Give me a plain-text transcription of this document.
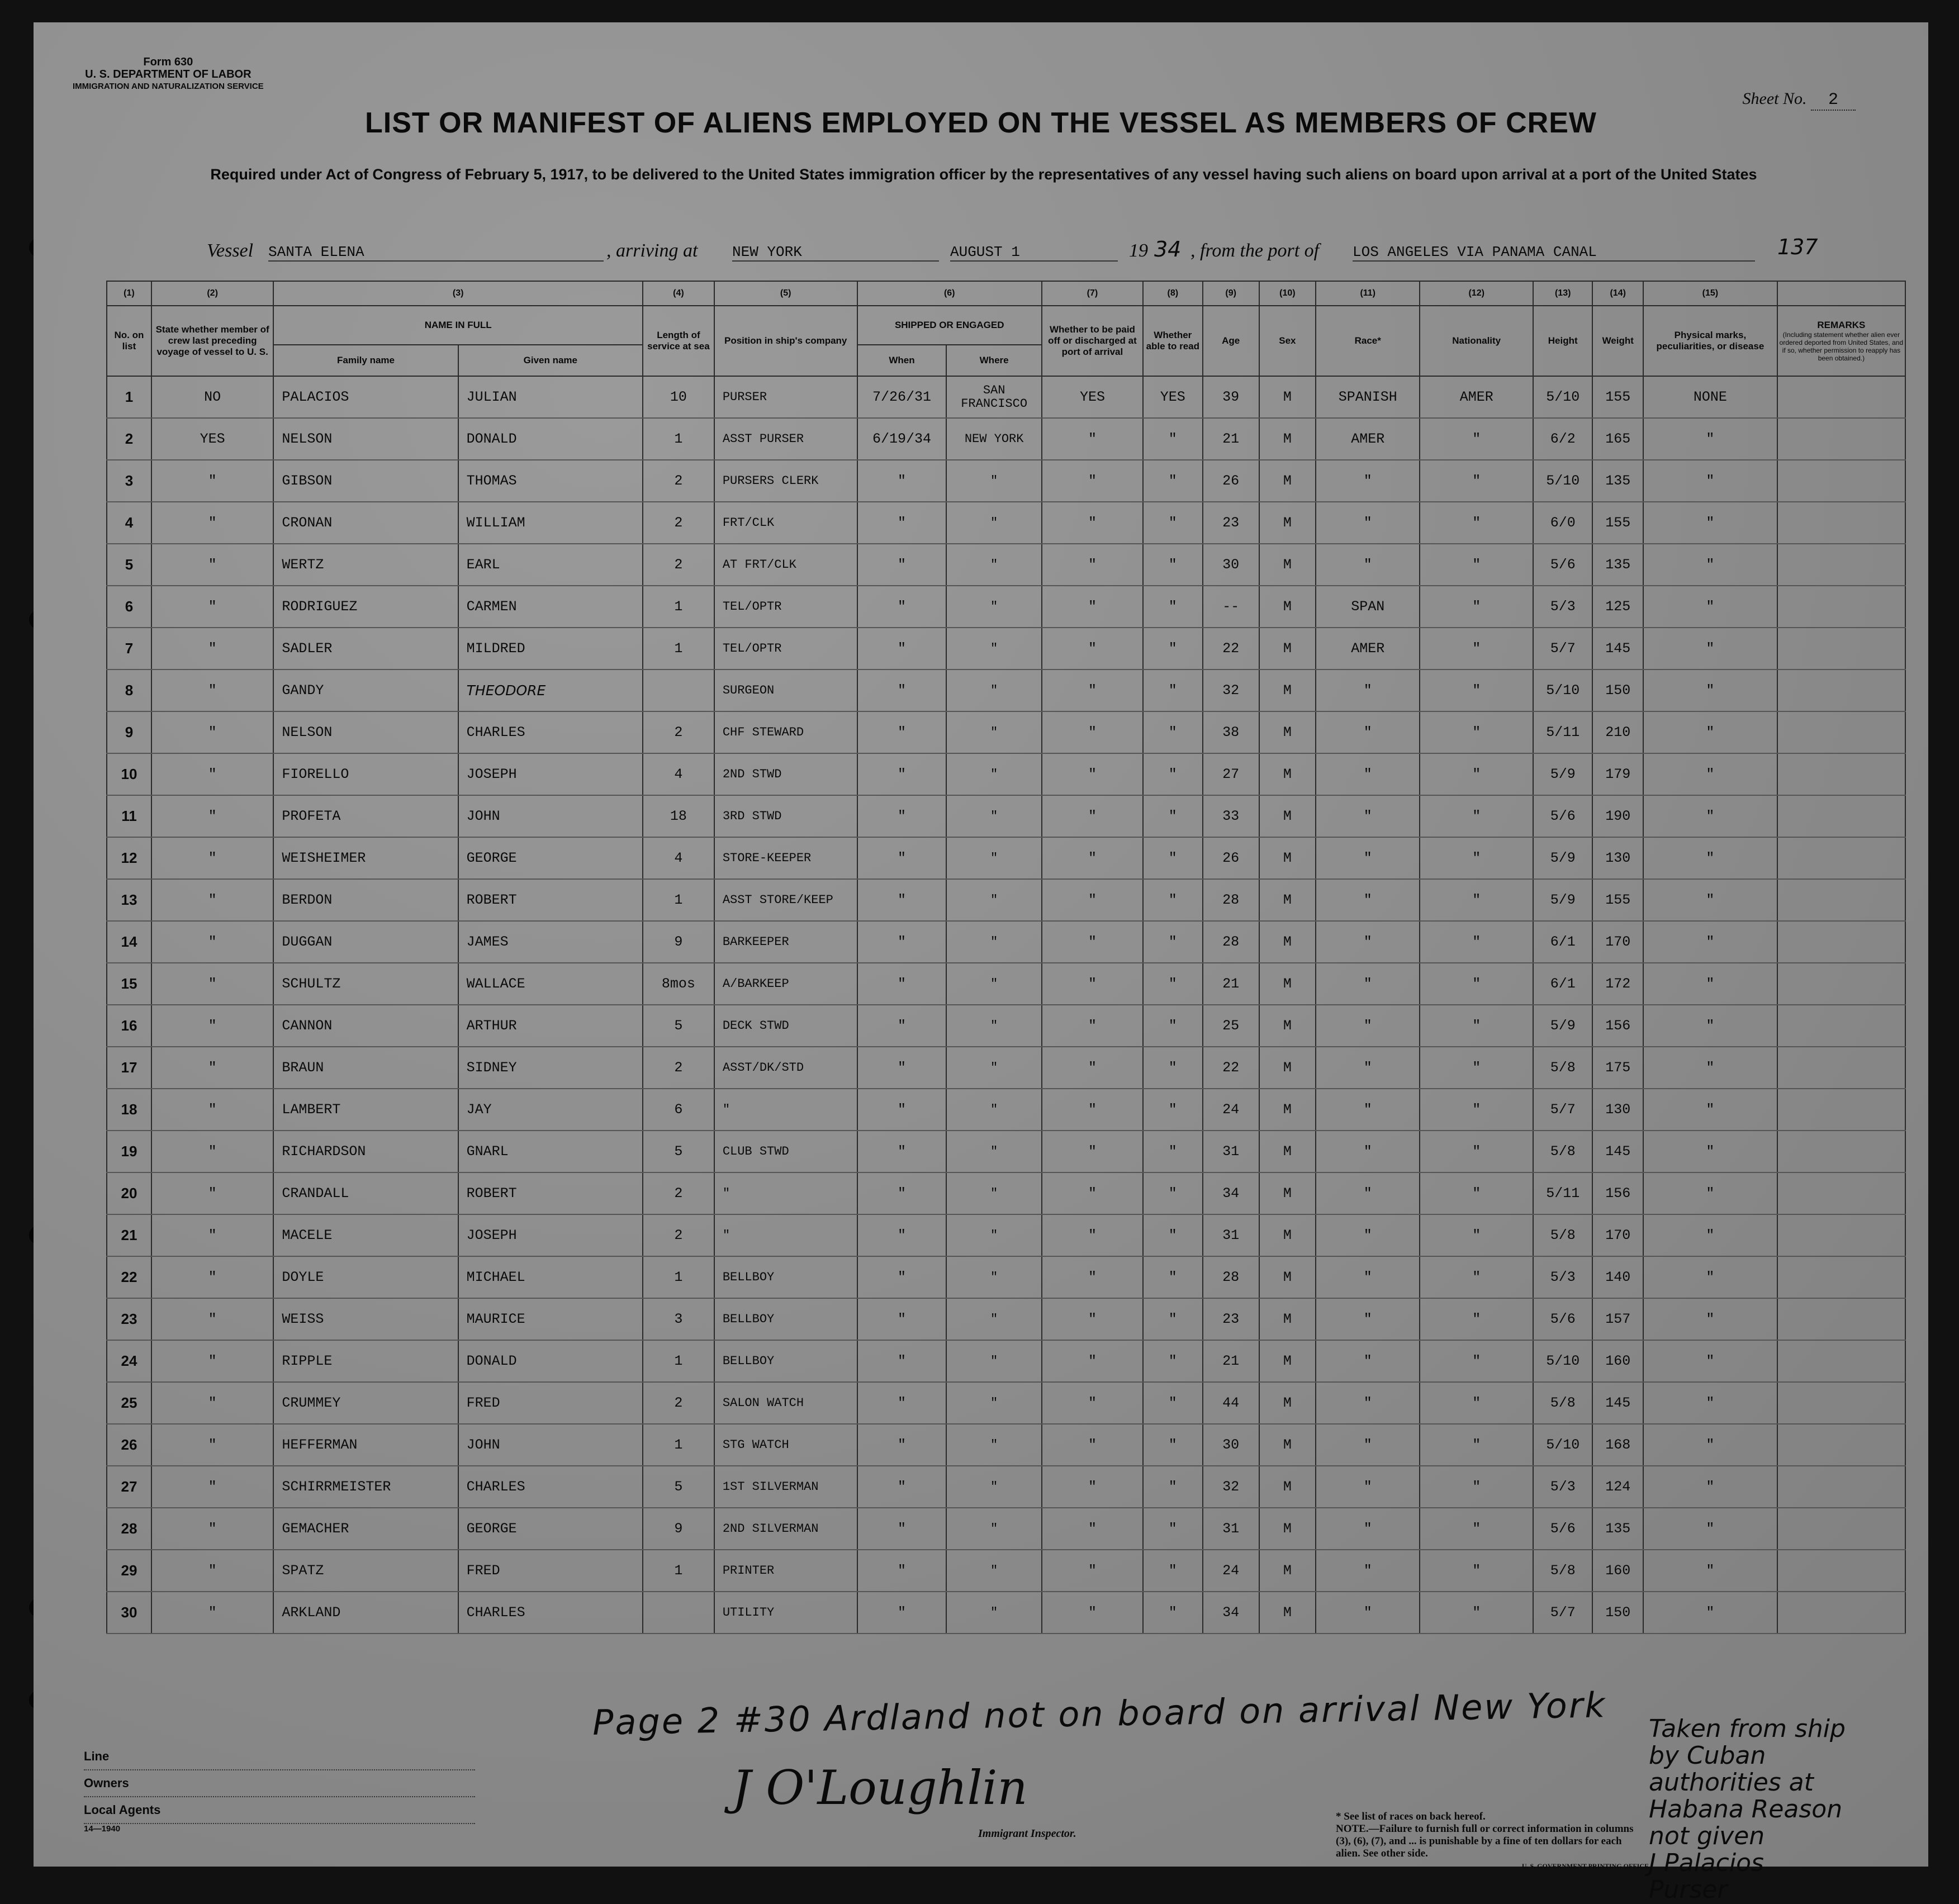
Form 630
U. S. DEPARTMENT OF LABOR
IMMIGRATION AND NATURALIZATION SERVICE
Sheet No. 2
LIST OR MANIFEST OF ALIENS EMPLOYED ON THE VESSEL AS MEMBERS OF CREW
Required under Act of Congress of February 5, 1917, to be delivered to the United States immigration officer by the representatives of any vessel having such aliens on board upon arrival at a port of the United States
Vessel SANTA ELENA	, arriving at NEW YORK	AUGUST 1	19 34 , from the port of LOS ANGELES VIA PANAMA CANAL	137
(1)	(2)	(3)		(4)	(5)	(6)		(7)	(8)	(9)	(10)	(11)	(12)	(13)	(14)	(15)	
No. on list	State whether member of crew last preceding voyage of vessel to U. S.	NAME IN FULL		Length of service at sea	Position in ship's company	SHIPPED OR ENGAGED		Whether to be paid off or discharged at port of arrival	Whether able to read	Age	Sex	Race*	Nationality	Height	Weight	Physical marks, peculiarities, or disease	REMARKS
(Including statement whether alien ever ordered deported from United States, and if so, whether permission to reapply has been obtained.)

		Family name	Given name			When	Where										
1	NO	PALACIOS	JULIAN	10	PURSER	7/26/31	SAN FRANCISCO	YES	YES	39	M	SPANISH	AMER	5/10	155	NONE	
2	YES	NELSON	DONALD	1	ASST PURSER	6/19/34	NEW YORK	"	"	21	M	AMER	"	6/2	165	"	
3	"	GIBSON	THOMAS	2	PURSERS CLERK	"	"	"	"	26	M	"	"	5/10	135	"	
4	"	CRONAN	WILLIAM	2	FRT/CLK	"	"	"	"	23	M	"	"	6/0	155	"	
5	"	WERTZ	EARL	2	AT FRT/CLK	"	"	"	"	30	M	"	"	5/6	135	"	
6	"	RODRIGUEZ	CARMEN	1	TEL/OPTR	"	"	"	"	--	M	SPAN	"	5/3	125	"	
7	"	SADLER	MILDRED	1	TEL/OPTR	"	"	"	"	22	M	AMER	"	5/7	145	"	
8	"	GANDY	THEODORE		SURGEON	"	"	"	"	32	M	"	"	5/10	150	"	
9	"	NELSON	CHARLES	2	CHF STEWARD	"	"	"	"	38	M	"	"	5/11	210	"	
10	"	FIORELLO	JOSEPH	4	2ND STWD	"	"	"	"	27	M	"	"	5/9	179	"	
11	"	PROFETA	JOHN	18	3RD STWD	"	"	"	"	33	M	"	"	5/6	190	"	
12	"	WEISHEIMER	GEORGE	4	STORE-KEEPER	"	"	"	"	26	M	"	"	5/9	130	"	
13	"	BERDON	ROBERT	1	ASST STORE/KEEP	"	"	"	"	28	M	"	"	5/9	155	"	
14	"	DUGGAN	JAMES	9	BARKEEPER	"	"	"	"	28	M	"	"	6/1	170	"	
15	"	SCHULTZ	WALLACE	8mos	A/BARKEEP	"	"	"	"	21	M	"	"	6/1	172	"	
16	"	CANNON	ARTHUR	5	DECK STWD	"	"	"	"	25	M	"	"	5/9	156	"	
17	"	BRAUN	SIDNEY	2	ASST/DK/STD	"	"	"	"	22	M	"	"	5/8	175	"	
18	"	LAMBERT	JAY	6	"	"	"	"	"	24	M	"	"	5/7	130	"	
19	"	RICHARDSON	GNARL	5	CLUB STWD	"	"	"	"	31	M	"	"	5/8	145	"	
20	"	CRANDALL	ROBERT	2	"	"	"	"	"	34	M	"	"	5/11	156	"	
21	"	MACELE	JOSEPH	2	"	"	"	"	"	31	M	"	"	5/8	170	"	
22	"	DOYLE	MICHAEL	1	BELLBOY	"	"	"	"	28	M	"	"	5/3	140	"	
23	"	WEISS	MAURICE	3	BELLBOY	"	"	"	"	23	M	"	"	5/6	157	"	
24	"	RIPPLE	DONALD	1	BELLBOY	"	"	"	"	21	M	"	"	5/10	160	"	
25	"	CRUMMEY	FRED	2	SALON WATCH	"	"	"	"	44	M	"	"	5/8	145	"	
26	"	HEFFERMAN	JOHN	1	STG WATCH	"	"	"	"	30	M	"	"	5/10	168	"	
27	"	SCHIRRMEISTER	CHARLES	5	1ST SILVERMAN	"	"	"	"	32	M	"	"	5/3	124	"	
28	"	GEMACHER	GEORGE	9	2ND SILVERMAN	"	"	"	"	31	M	"	"	5/6	135	"	
29	"	SPATZ	FRED	1	PRINTER	"	"	"	"	24	M	"	"	5/8	160	"	
30	"	ARKLAND	CHARLES		UTILITY	"	"	"	"	34	M	"	"	5/7	150	"	
Page 2 #30 Ardland not on board on arrival New York Taken from ship
by Cuban
authorities at
Habana Reason
not given
J Palacios
Purser
Line
Owners
Local Agents
14—1940
J O'Loughlin
Immigrant Inspector.
* See list of races on back hereof.
NOTE.—Failure to furnish full or correct information in columns (3), (6), (7), and ... is punishable by a fine of ten dollars for each alien. See other side.
U. S. GOVERNMENT PRINTING OFFICE
